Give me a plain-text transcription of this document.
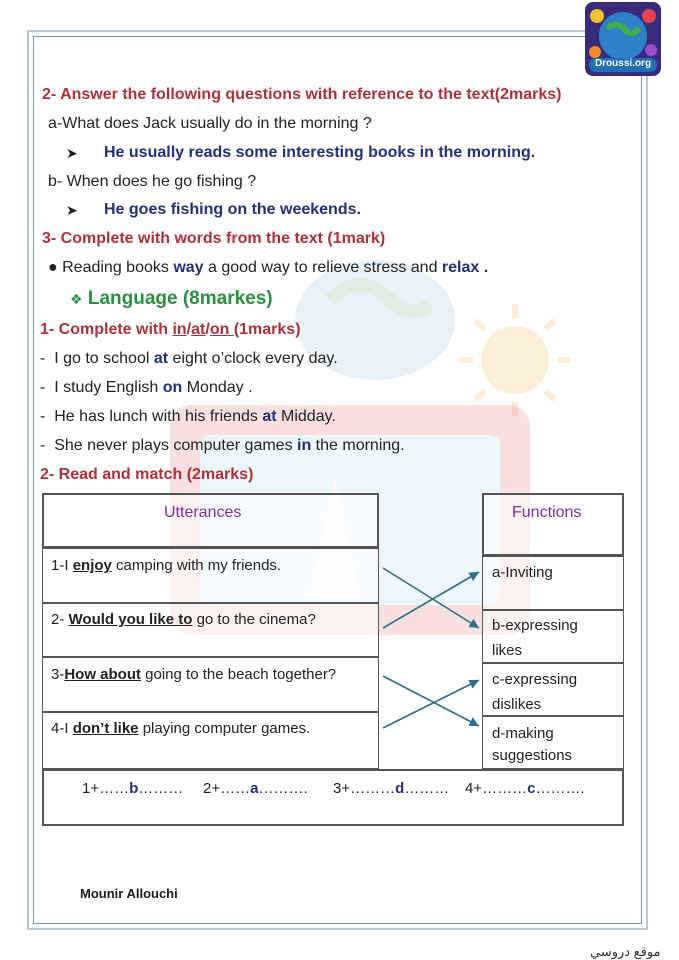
Droussi.org
2- Answer the following questions with reference to the text(2marks)
a-What does Jack usually do in the morning ?
➤ He usually reads some interesting books in the morning.
b- When does he go fishing ?
➤ He goes fishing on the weekends.
3- Complete with words from the text (1mark)
● Reading books way a good way to relieve stress and relax .
❖ Language (8markes)
1- Complete with in/at/on (1marks)
-  I go to school at eight o’clock every day.
-  I study English on Monday .
-  He has lunch with his friends at Midday.
-  She never plays computer games in the morning.
2- Read and match (2marks)
Utterances	Functions
1-I enjoy camping with my friends.
2- Would you like to go to the cinema?
3-How about going to the beach together?
4-I don’t like playing computer games.
a-Inviting
b-expressing
likes
c-expressing
dislikes
d-making
suggestions
1+……b……… 2+……a………. 3+………d……… 4+………c……….
Mounir Allouchi
موقع دروسي
